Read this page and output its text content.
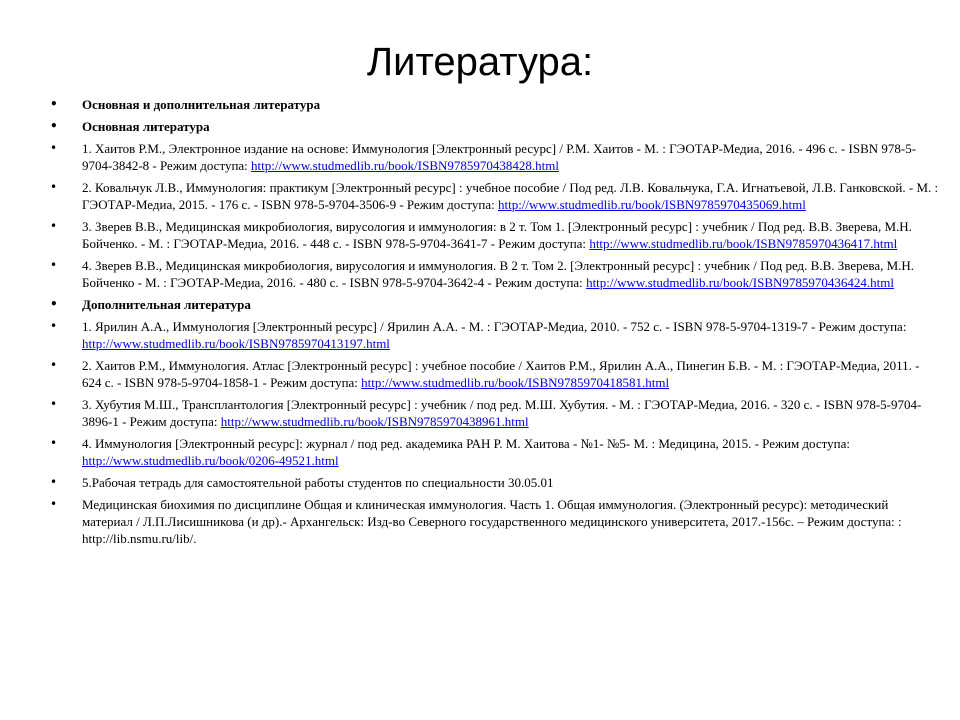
Литература:
• Основная и дополнительная литература
• Основная литература
• 1. Хаитов Р.М., Электронное издание на основе: Иммунология [Электронный ресурс] / Р.М. Хаитов - М. : ГЭОТАР-Медиа, 2016. - 496 с. - ISBN 978-5-9704-3842-8 - Режим доступа: http://www.studmedlib.ru/book/ISBN9785970438428.html
• 2. Ковальчук Л.В., Иммунология: практикум [Электронный ресурс] : учебное пособие / Под ред. Л.В. Ковальчука, Г.А. Игнатьевой, Л.В. Ганковской. - М. : ГЭОТАР-Медиа, 2015. - 176 с. - ISBN 978-5-9704-3506-9 - Режим доступа: http://www.studmedlib.ru/book/ISBN9785970435069.html
• 3. Зверев В.В., Медицинская микробиология, вирусология и иммунология: в 2 т. Том 1. [Электронный ресурс] : учебник / Под ред. В.В. Зверева, М.Н. Бойченко. - М. : ГЭОТАР-Медиа, 2016. - 448 с. - ISBN 978-5-9704-3641-7 - Режим доступа: http://www.studmedlib.ru/book/ISBN9785970436417.html
• 4. Зверев В.В., Медицинская микробиология, вирусология и иммунология. В 2 т. Том 2. [Электронный ресурс] : учебник / Под ред. В.В. Зверева, М.Н. Бойченко - М. : ГЭОТАР-Медиа, 2016. - 480 с. - ISBN 978-5-9704-3642-4 - Режим доступа: http://www.studmedlib.ru/book/ISBN9785970436424.html
• Дополнительная литература
• 1. Ярилин А.А., Иммунология [Электронный ресурс] / Ярилин А.А. - М. : ГЭОТАР-Медиа, 2010. - 752 с. - ISBN 978-5-9704-1319-7 - Режим доступа: http://www.studmedlib.ru/book/ISBN9785970413197.html
• 2. Хаитов Р.М., Иммунология. Атлас [Электронный ресурс] : учебное пособие / Хаитов Р.М., Ярилин А.А., Пинегин Б.В. - М. : ГЭОТАР-Медиа, 2011. - 624 с. - ISBN 978-5-9704-1858-1 - Режим доступа: http://www.studmedlib.ru/book/ISBN9785970418581.html
• 3. Хубутия М.Ш., Трансплантология [Электронный ресурс] : учебник / под ред. М.Ш. Хубутия. - М. : ГЭОТАР-Медиа, 2016. - 320 с. - ISBN 978-5-9704-3896-1 - Режим доступа: http://www.studmedlib.ru/book/ISBN9785970438961.html
• 4. Иммунология [Электронный ресурс]: журнал / под ред. академика РАН Р. М. Хаитова - №1- №5- М. : Медицина, 2015. - Режим доступа: http://www.studmedlib.ru/book/0206-49521.html
• 5.Рабочая тетрадь для самостоятельной работы студентов по специальности 30.05.01
• Медицинская биохимия по дисциплине Общая и клиническая иммунология. Часть 1. Общая иммунология. (Электронный ресурс): методический материал / Л.П.Лисишникова (и др).- Архангельск: Изд-во Северного государственного медицинского университета, 2017.-156с. – Режим доступа: : http://lib.nsmu.ru/lib/.
